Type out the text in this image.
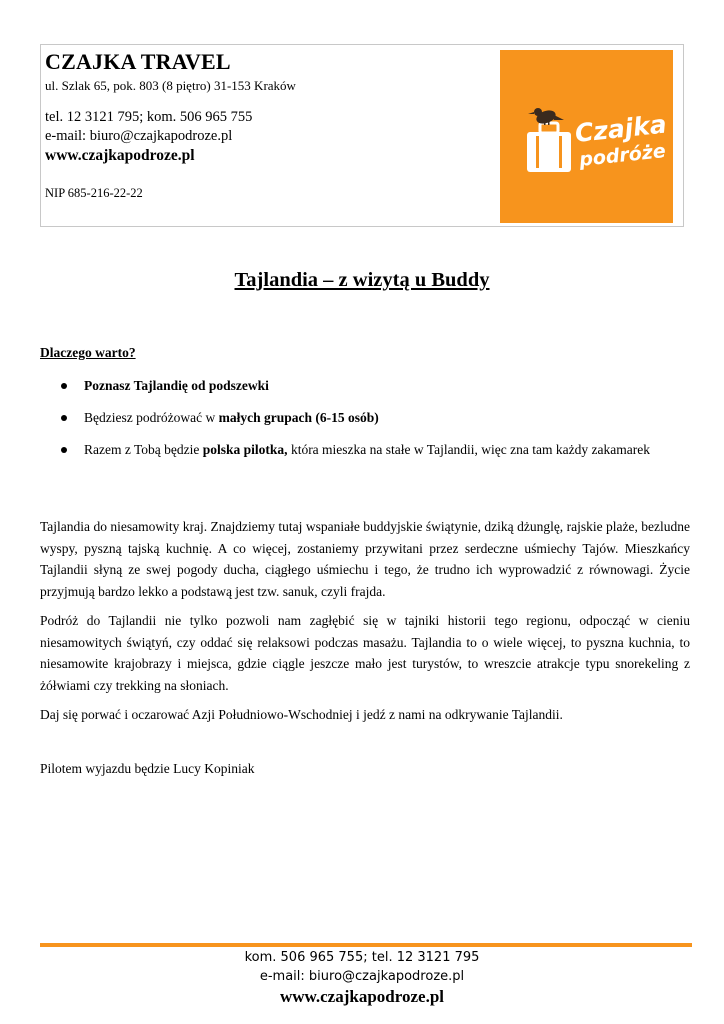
CZAJKA TRAVEL
ul. Szlak 65, pok. 803 (8 piętro) 31-153 Kraków
tel. 12 3121 795; kom. 506 965 755
e-mail: biuro@czajkapodroze.pl
www.czajkapodroze.pl
NIP 685-216-22-22
Czajka
podróże
Tajlandia – z wizytą u Buddy
Dlaczego warto?
Poznasz Tajlandię od podszewki
Będziesz podróżować w małych grupach (6-15 osób)
Razem z Tobą będzie polska pilotka, która mieszka na stałe w Tajlandii, więc zna tam każdy zakamarek

Tajlandia do niesamowity kraj. Znajdziemy tutaj wspaniałe buddyjskie świątynie, dziką dżunglę, rajskie plaże, bezludne wyspy, pyszną tajską kuchnię. A co więcej, zostaniemy przywitani przez serdeczne uśmiechy Tajów. Mieszkańcy Tajlandii słyną ze swej pogody ducha, ciągłego uśmiechu i tego, że trudno ich wyprowadzić z równowagi. Życie przyjmują bardzo lekko a podstawą jest tzw. sanuk, czyli frajda.

Podróż do Tajlandii nie tylko pozwoli nam zagłębić się w tajniki historii tego regionu, odpocząć w cieniu niesamowitych świątyń, czy oddać się relaksowi podczas masażu. Tajlandia to o wiele więcej, to pyszna kuchnia, to niesamowite krajobrazy i miejsca, gdzie ciągle jeszcze mało jest turystów, to wreszcie atrakcje typu snorekeling z żółwiami czy trekking na słoniach.

Daj się porwać i oczarować Azji Południowo-Wschodniej i jedź z nami na odkrywanie Tajlandii.

Pilotem wyjazdu będzie Lucy Kopiniak
kom. 506 965 755; tel. 12 3121 795
e-mail: biuro@czajkapodroze.pl
www.czajkapodroze.pl
